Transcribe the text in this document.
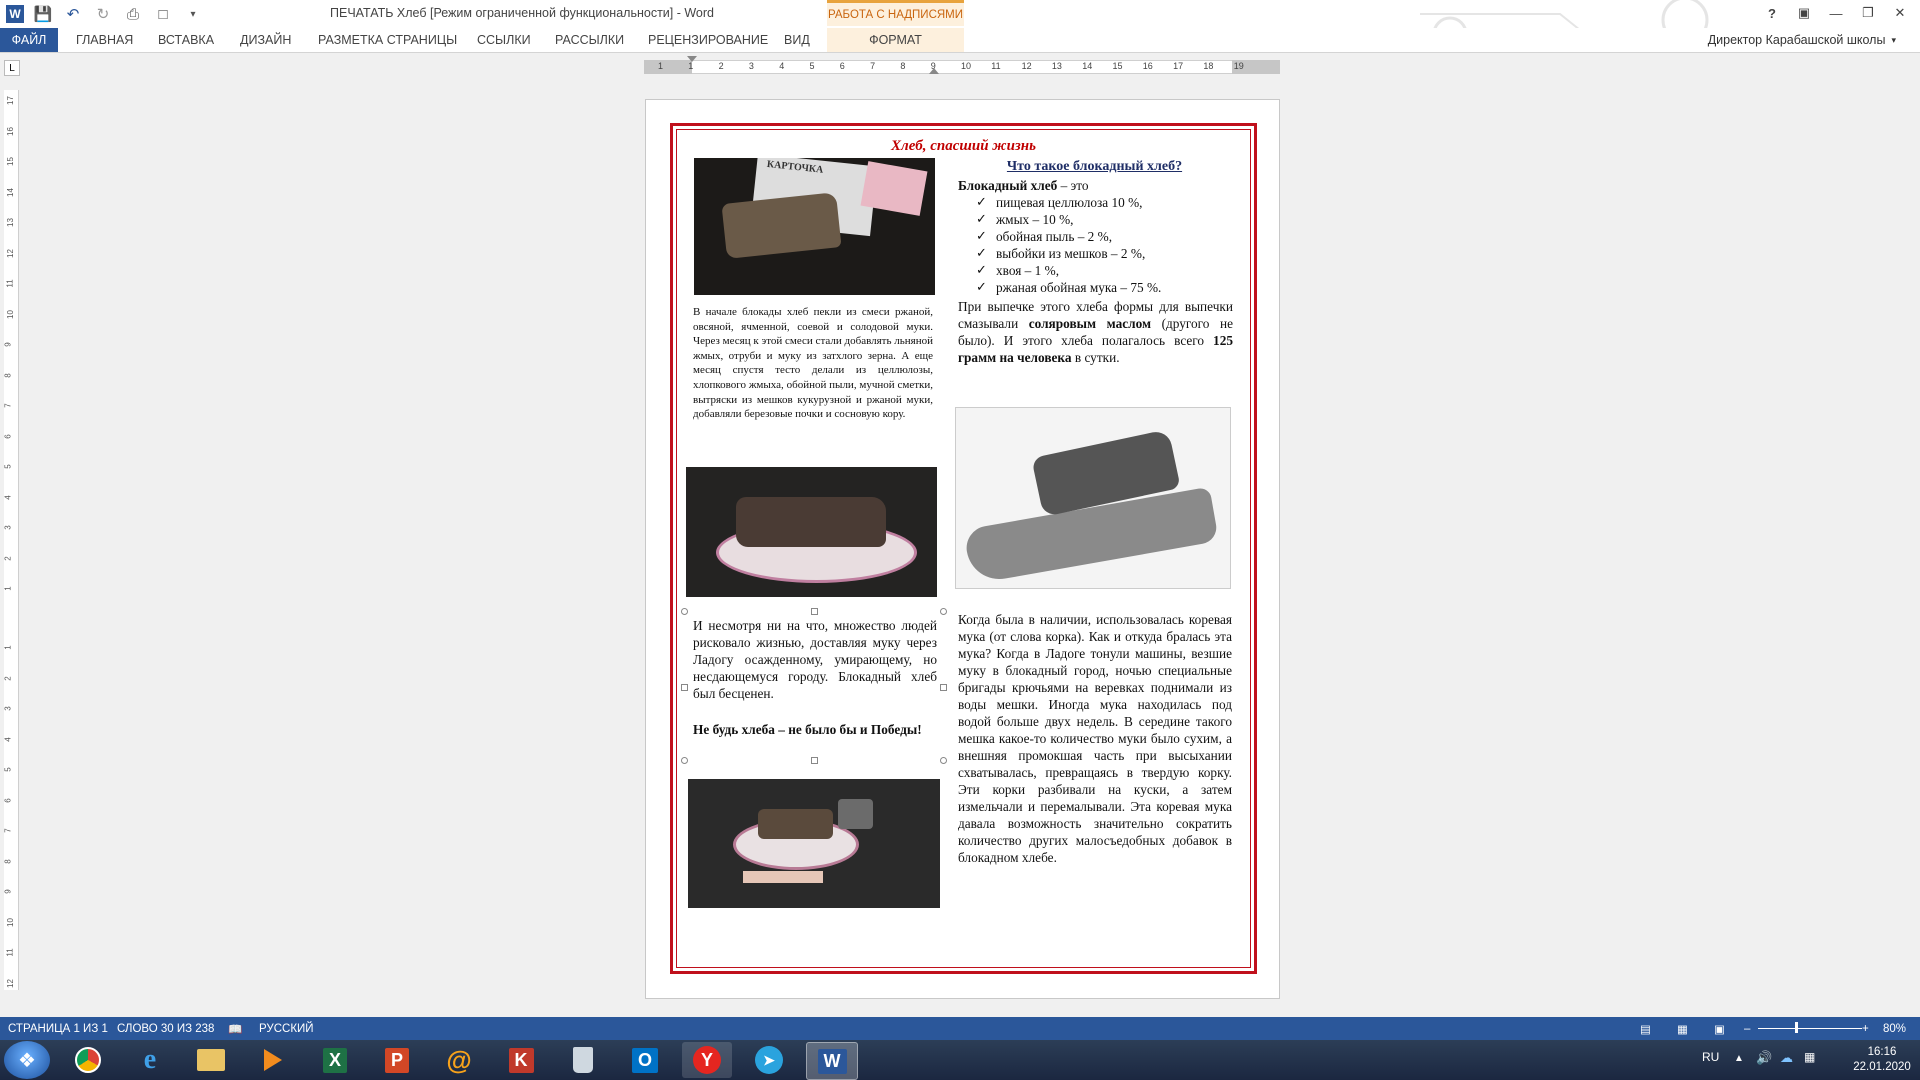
W 💾 ↶	↻	⎙	□	▾	ПЕЧАТАТЬ Хлеб [Режим ограниченной функциональности] - Word	РАБОТА С НАДПИСЯМИ	?	▣	—	❐	✕
ФАЙЛ	ГЛАВНАЯ	ВСТАВКА	ДИЗАЙН	РАЗМЕТКА СТРАНИЦЫ	ССЫЛКИ	РАССЫЛКИ	РЕЦЕНЗИРОВАНИЕ	ВИД	ФОРМАТ	Директор Карабашской школы ▾
L	1	1	2	3	4	5	6	7	8	9	10 11 12 13 14 15 16 17 18 19
17
16
15
14
13
12
11
10
9
8
7
6
5
4
3
2
1
1
2
3
4
5
6
7
8
9
10
11
12
Хлеб, спасший жизнь
КАРТОЧКА
В начале блокады хлеб пекли из смеси ржаной, овсяной, ячменной, соевой и солодовой муки. Через месяц к этой смеси стали добавлять льняной жмых, отруби и муку из затхлого зерна. А еще месяц спустя тесто делали из целлюлозы, хлопкового жмыха, обойной пыли, мучной сметки, вытряски из мешков кукурузной и ржаной муки, добавляли березовые почки и сосновую кору.
И несмотря ни на что, множество людей рисковало жизнью, доставляя муку через Ладогу осажденному, умирающему, но несдающемуся городу. Блокадный хлеб был бесценен.
Не будь хлеба – не было бы и Победы!
Что такое блокадный хлеб?
Блокадный хлеб – это
✓ пищевая целлюлоза 10 %,
✓ жмых – 10 %,
✓ обойная пыль – 2 %,
✓ выбойки из мешков – 2 %,
✓ хвоя – 1 %,
✓ ржаная обойная мука – 75 %.
При выпечке этого хлеба формы для выпечки смазывали соляровым маслом (другого не было). И этого хлеба полагалось всего 125 грамм на человека в сутки.
Когда была в наличии, использовалась коревая мука (от слова корка). Как и откуда бралась эта мука? Когда в Ладоге тонули машины, везшие муку в блокадный город, ночью специальные бригады крючьями на веревках поднимали из воды мешки. Иногда мука находилась под водой больше двух недель. В середине такого мешка какое-то количество муки было сухим, а внешняя промокшая часть при высыхании схватывалась, превращаясь в твердую корку. Эти корки разбивали на куски, а затем измельчали и перемалывали. Эта коревая мука давала возможность значительно сократить количество других малосъедобных добавок в блокадном хлебе.
СТРАНИЦА 1 ИЗ 1 СЛОВО 30 ИЗ 238 📖 РУССКИЙ	▤ ▦ ▣ –	+ 80%
❖	e	X	P	@	K	O	Y	➤	W	RU ▲ 🔊 ☁ ▦	16:16
22.01.2020
